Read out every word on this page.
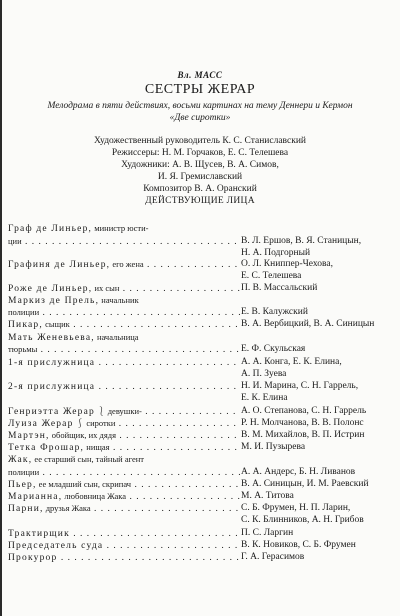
Вл. МАСС
СЕСТРЫ ЖЕРАР
Мелодрама в пяти действиях, восьми картинах на тему Деннери и Кермон «Две сиротки»
Художественный руководитель К. С. Станиславский
Режиссеры: Н. М. Горчаков, Е. С. Телешева
Художники: А. В. Щусев, В. А. Симов,
И. Я. Гремиславский
Композитор В. А. Оранский
ДЕЙСТВУЮЩИЕ ЛИЦА
Граф де Линьер, министр юсти-
ции . . .	В. Л. Ершов, В. Я. Станицын,
Н. А. Подгорный
Графиня де Линьер, его жена . . .	О. Л. Книппер-Чехова,
Е. С. Телешева
Роже де Линьер, их сын . . .	П. В. Массальский
Маркиз де Прель, начальник
полиции . . .	Е. В. Калужский
Пикар, сыщик . . .	В. А. Вербицкий, В. А. Синицын
Мать Женевьева, начальница
тюрьмы . . .	Е. Ф. Скульская
1-я прислужница . . .	А. А. Конга, Е. К. Елина,
А. П. Зуева
2-я прислужница . . .	Н. И. Марина, С. Н. Гаррель,
Е. К. Елина
Генриэтта Жерар ⎱ девушки- . . .	А. О. Степанова, С. Н. Гаррель
Луиза Жерар ⎰ сиротки . . .	Р. Н. Молчанова, В. В. Полонс
Мартэн, обойщик, их дядя . . .	В. М. Михайлов, В. П. Истрин
Тетка Фрошар, нищая . . .	М. И. Пузырева
Жак, ее старший сын, тайный агент
полиции . . .	А. А. Андерс, Б. Н. Ливанов
Пьер, ее младший сын, скрипач . . .	В. А. Синицын, И. М. Раевский
Марианна, любовница Жака . . .	М. А. Титова
Парни, друзья Жака . . .	С. Б. Фрумен, Н. П. Ларин,
С. К. Блинников, А. Н. Грибов
Трактирщик . . .	П. С. Ларгин
Председатель суда . . .	В. К. Новиков, С. Б. Фрумен
Прокурор . . .	Г. А. Герасимов
